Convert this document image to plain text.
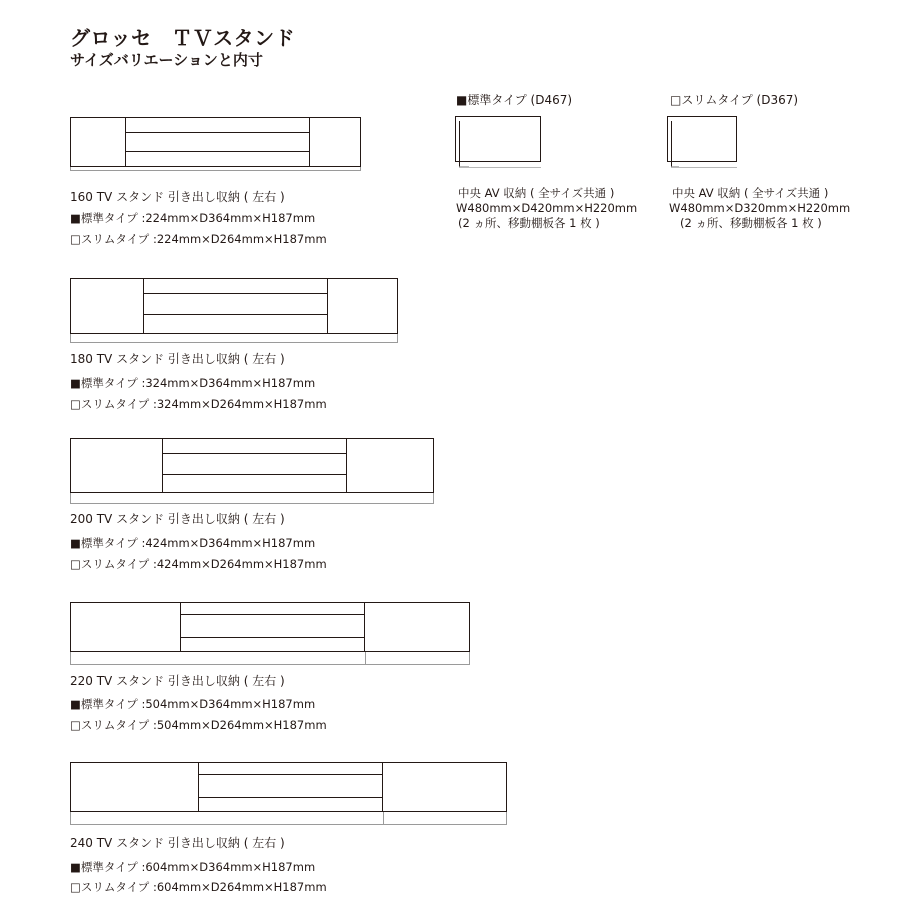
グロッセ　ＴＶスタンド
サイズバリエーションと内寸
160 TV スタンド 引き出し収納 ( 左右 )
■標準タイプ :224mm×D364mm×H187mm
□スリムタイプ :224mm×D264mm×H187mm
180 TV スタンド 引き出し収納 ( 左右 )
■標準タイプ :324mm×D364mm×H187mm
□スリムタイプ :324mm×D264mm×H187mm
200 TV スタンド 引き出し収納 ( 左右 )
■標準タイプ :424mm×D364mm×H187mm
□スリムタイプ :424mm×D264mm×H187mm
220 TV スタンド 引き出し収納 ( 左右 )
■標準タイプ :504mm×D364mm×H187mm
□スリムタイプ :504mm×D264mm×H187mm
240 TV スタンド 引き出し収納 ( 左右 )
■標準タイプ :604mm×D364mm×H187mm
□スリムタイプ :604mm×D264mm×H187mm
■標準タイプ (D467)
中央 AV 収納 ( 全サイズ共通 )
W480mm×D420mm×H220mm
(2 ヵ所、移動棚板各 1 枚 )
□スリムタイプ (D367)
中央 AV 収納 ( 全サイズ共通 )
W480mm×D320mm×H220mm
(2 ヵ所、移動棚板各 1 枚 )
